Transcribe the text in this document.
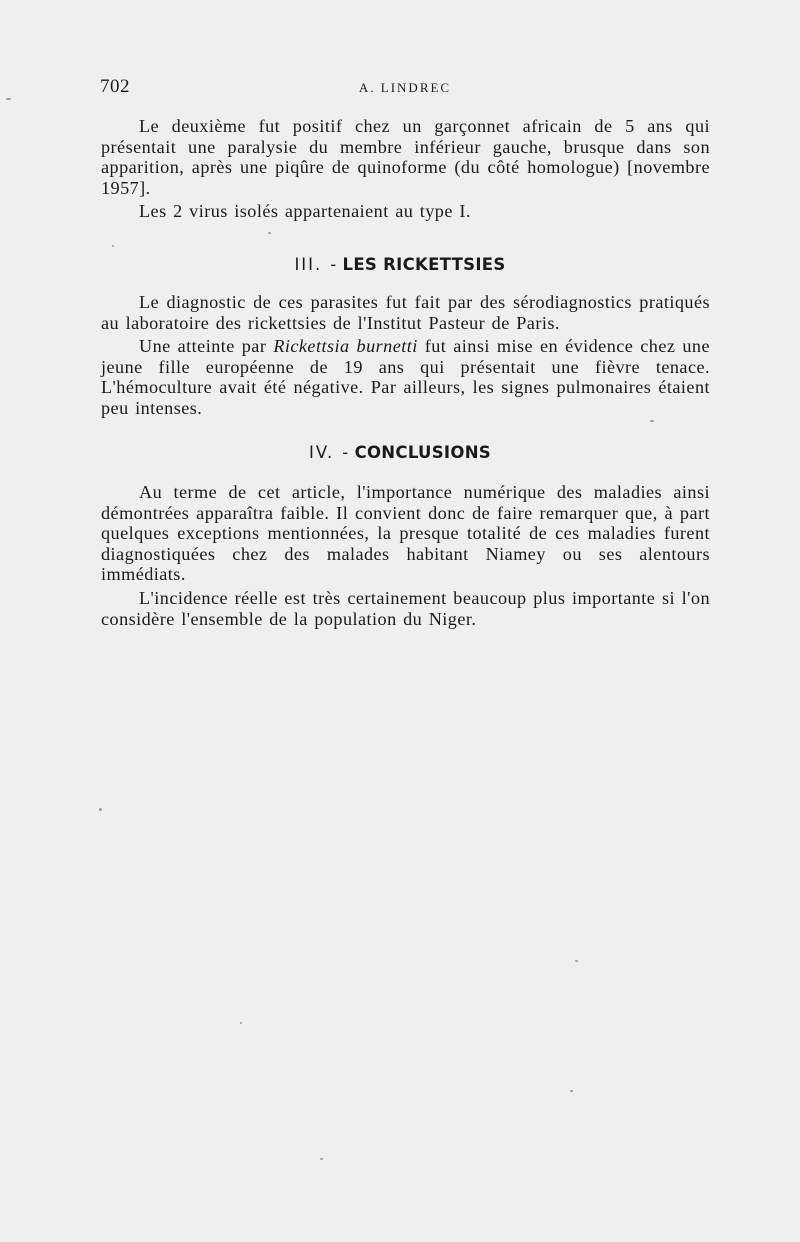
702	A. LINDREC

Le deuxième fut positif chez un garçonnet africain de 5 ans qui présentait une paralysie du membre inférieur gauche, brusque dans son apparition, après une piqûre de quinoforme (du côté homologue) [novembre 1957].

Les 2 virus isolés appartenaient au type I.

III. - LES RICKETTSIES

Le diagnostic de ces parasites fut fait par des sérodiagnostics pratiqués au laboratoire des rickettsies de l'Institut Pasteur de Paris.

Une atteinte par Rickettsia burnetti fut ainsi mise en évidence chez une jeune fille européenne de 19 ans qui présentait une fièvre tenace. L'hémoculture avait été négative. Par ailleurs, les signes pulmonaires étaient peu intenses.

IV. - CONCLUSIONS

Au terme de cet article, l'importance numérique des maladies ainsi démontrées apparaîtra faible. Il convient donc de faire remarquer que, à part quelques exceptions mentionnées, la presque totalité de ces maladies furent diagnostiquées chez des malades habitant Niamey ou ses alentours immédiats.

L'incidence réelle est très certainement beaucoup plus importante si l'on considère l'ensemble de la population du Niger.
